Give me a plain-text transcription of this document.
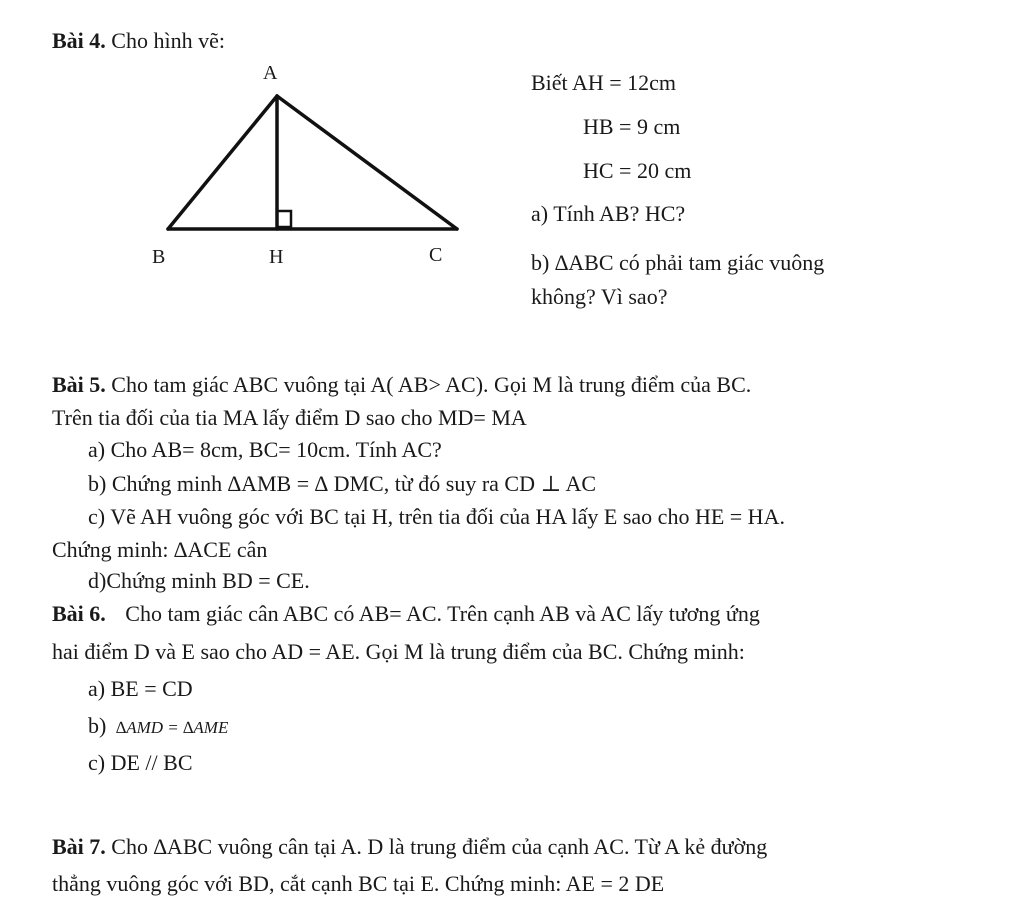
A
B	H	C
Bài 4. Cho hình vẽ:
Biết AH = 12cm
HB = 9 cm
HC = 20 cm
a) Tính AB? HC?
b) ∆ABC có phải tam giác vuông
không? Vì sao?
Bài 5. Cho tam giác ABC vuông tại A( AB> AC). Gọi M là trung điểm của BC.
Trên tia đối của tia MA lấy điểm D sao cho MD= MA
a) Cho AB= 8cm, BC= 10cm. Tính AC?
b) Chứng minh ∆AMB = ∆ DMC, từ đó suy ra CD ⊥ AC
c) Vẽ AH vuông góc với BC tại H, trên tia đối của HA lấy E sao cho HE = HA.
Chứng minh: ∆ACE cân
d)Chứng minh BD = CE.
Bài 6. Cho tam giác cân ABC có AB= AC. Trên cạnh AB và AC lấy tương ứng
hai điểm D và E sao cho AD = AE. Gọi M là trung điểm của BC. Chứng minh:
a) BE = CD
b) ∆AMD = ∆AME
c) DE // BC
Bài 7. Cho ∆ABC vuông cân tại A. D là trung điểm của cạnh AC. Từ A kẻ đường
thẳng vuông góc với BD, cắt cạnh BC tại E. Chứng minh: AE = 2 DE
